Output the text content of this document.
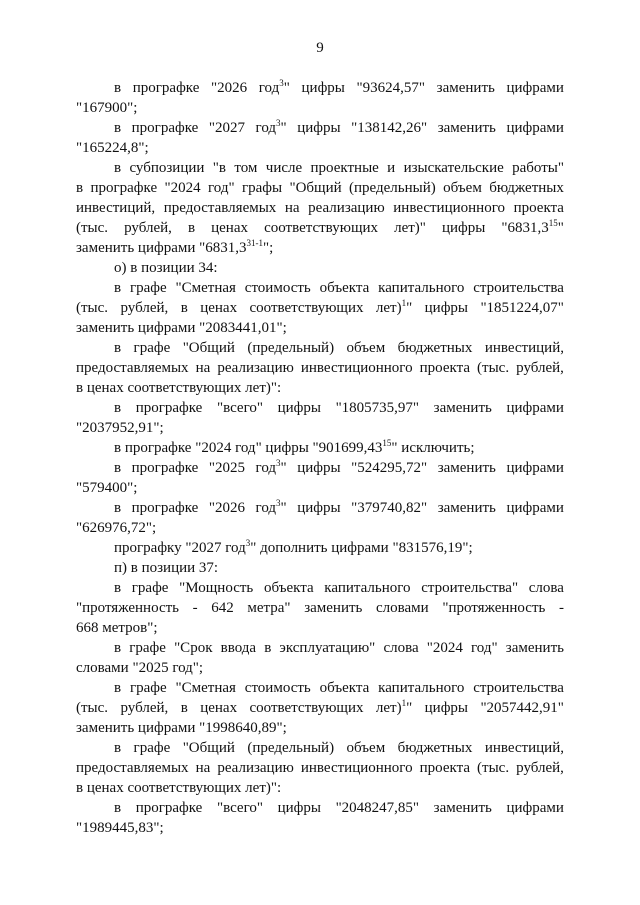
9
в прографке "2026 год$^3$" цифры "93624,57" заменить цифрами
"167900";
в прографке "2027 год$^3$" цифры "138142,26" заменить цифрами
"165224,8";
в субпозиции "в том числе проектные и изыскательские работы"
в прографке "2024 год" графы "Общий (предельный) объем бюджетных
инвестиций, предоставляемых на реализацию инвестиционного проекта
(тыс. рублей, в ценах соответствующих лет)" цифры "6831,3$^{15}$"
заменить цифрами "6831,3$^{31-1}$";
о) в позиции 34:
в графе "Сметная стоимость объекта капитального строительства
(тыс. рублей, в ценах соответствующих лет)$^1$" цифры "1851224,07"
заменить цифрами "2083441,01";
в графе "Общий (предельный) объем бюджетных инвестиций,
предоставляемых на реализацию инвестиционного проекта (тыс. рублей,
в ценах соответствующих лет)":
в прографке "всего" цифры "1805735,97" заменить цифрами
"2037952,91";
в прографке "2024 год" цифры "901699,43$^{15}$" исключить;
в прографке "2025 год$^3$" цифры "524295,72" заменить цифрами
"579400";
в прографке "2026 год$^3$" цифры "379740,82" заменить цифрами
"626976,72";
прографку "2027 год$^3$" дополнить цифрами "831576,19";
п) в позиции 37:
в графе "Мощность объекта капитального строительства" слова
"протяженность - 642 метра" заменить словами "протяженность -
668 метров";
в графе "Срок ввода в эксплуатацию" слова "2024 год" заменить
словами "2025 год";
в графе "Сметная стоимость объекта капитального строительства
(тыс. рублей, в ценах соответствующих лет)$^1$" цифры "2057442,91"
заменить цифрами "1998640,89";
в графе "Общий (предельный) объем бюджетных инвестиций,
предоставляемых на реализацию инвестиционного проекта (тыс. рублей,
в ценах соответствующих лет)":
в прографке "всего" цифры "2048247,85" заменить цифрами
"1989445,83";
